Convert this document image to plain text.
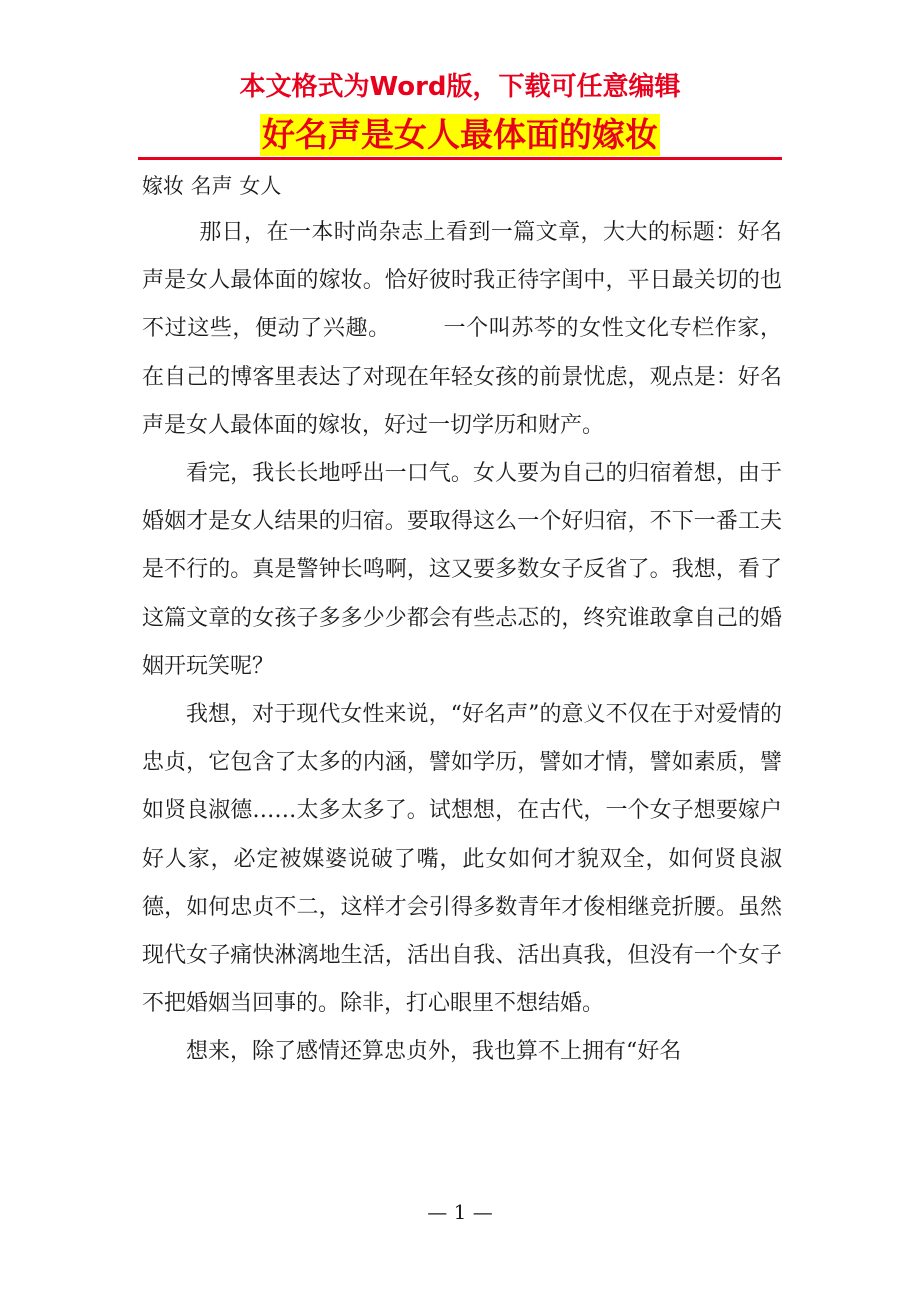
本文格式为Word版，下载可任意编辑
好名声是女人最体面的嫁妆

嫁妆 名声 女人

那日，在一本时尚杂志上看到一篇文章，大大的标题：好名声是女人最体面的嫁妆。恰好彼时我正待字闺中，平日最关切的也不过这些，便动了兴趣。 　　一个叫苏芩的女性文化专栏作家，在自己的博客里表达了对现在年轻女孩的前景忧虑，观点是：好名声是女人最体面的嫁妆，好过一切学历和财产。

看完，我长长地呼出一口气。女人要为自己的归宿着想，由于婚姻才是女人结果的归宿。要取得这么一个好归宿，不下一番工夫是不行的。真是警钟长鸣啊，这又要多数女子反省了。我想，看了这篇文章的女孩子多多少少都会有些忐忑的，终究谁敢拿自己的婚姻开玩笑呢？

我想，对于现代女性来说，“好名声”的意义不仅在于对爱情的忠贞，它包含了太多的内涵，譬如学历，譬如才情，譬如素质，譬如贤良淑德……太多太多了。试想想，在古代，一个女子想要嫁户好人家，必定被媒婆说破了嘴，此女如何才貌双全，如何贤良淑德，如何忠贞不二，这样才会引得多数青年才俊相继竞折腰。虽然现代女子痛快淋漓地生活，活出自我、活出真我，但没有一个女子不把婚姻当回事的。除非，打心眼里不想结婚。

想来，除了感情还算忠贞外，我也算不上拥有“好名

— 1 —
